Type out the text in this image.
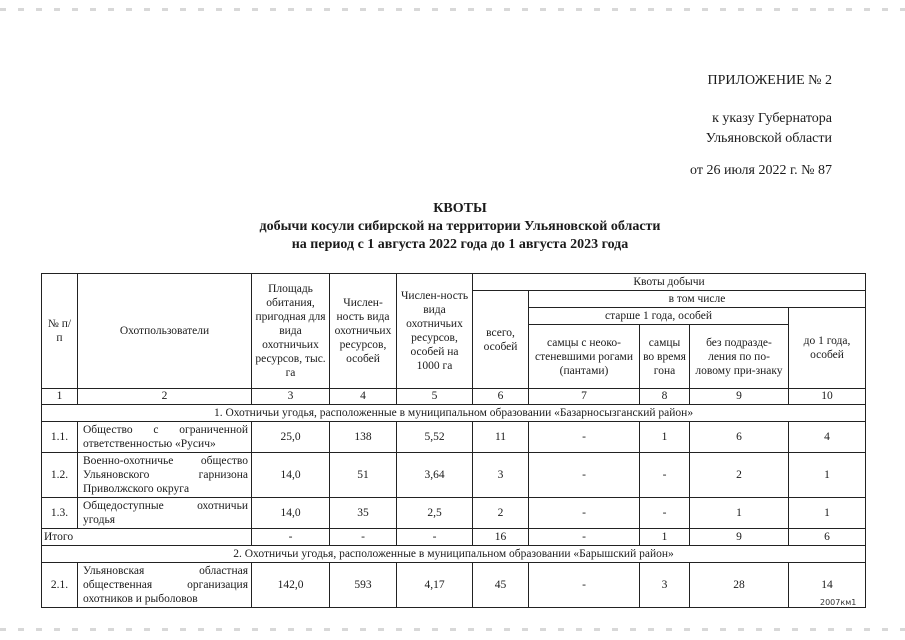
ПРИЛОЖЕНИЕ № 2
к указу Губернатора
Ульяновской области
от 26 июля 2022 г. № 87
КВОТЫ
добычи косули сибирской на территории Ульяновской области
на период с 1 августа 2022 года до 1 августа 2023 года
№ п/п	Охотпользователи	Площадь обитания, пригодная для вида охотничьих ресурсов, тыс. га	Числен-ность вида охотничьих ресурсов, особей	Числен-ность вида охотничьих ресурсов, особей на 1000 га	Квоты добычи				
					всего, особей	в том числе			
						старше 1 года, особей			до 1 года, особей
						самцы с неоко-стеневшими рогами (пантами)	самцы во время гона	без подразде-ления по по-ловому при-знаку	
1	2	3	4	5	6	7	8	9	10
1. Охотничьи угодья, расположенные в муниципальном образовании «Базарносызганский район»									
1.1.	Общество с ограниченной ответственностью «Русич»	25,0	138	5,52	11	-	1	6	4
1.2.	Военно-охотничье общество Ульяновского гарнизона Приволжского округа	14,0	51	3,64	3	-	-	2	1
1.3.	Общедоступные охотничьи угодья	14,0	35	2,5	2	-	-	1	1
Итого		-	-	-	16	-	1	9	6
2. Охотничьи угодья, расположенные в муниципальном образовании «Барышский район»									
2.1.	Ульяновская областная общественная организация охотников и рыболовов	142,0	593	4,17	45	-	3	28	14
2007км1
